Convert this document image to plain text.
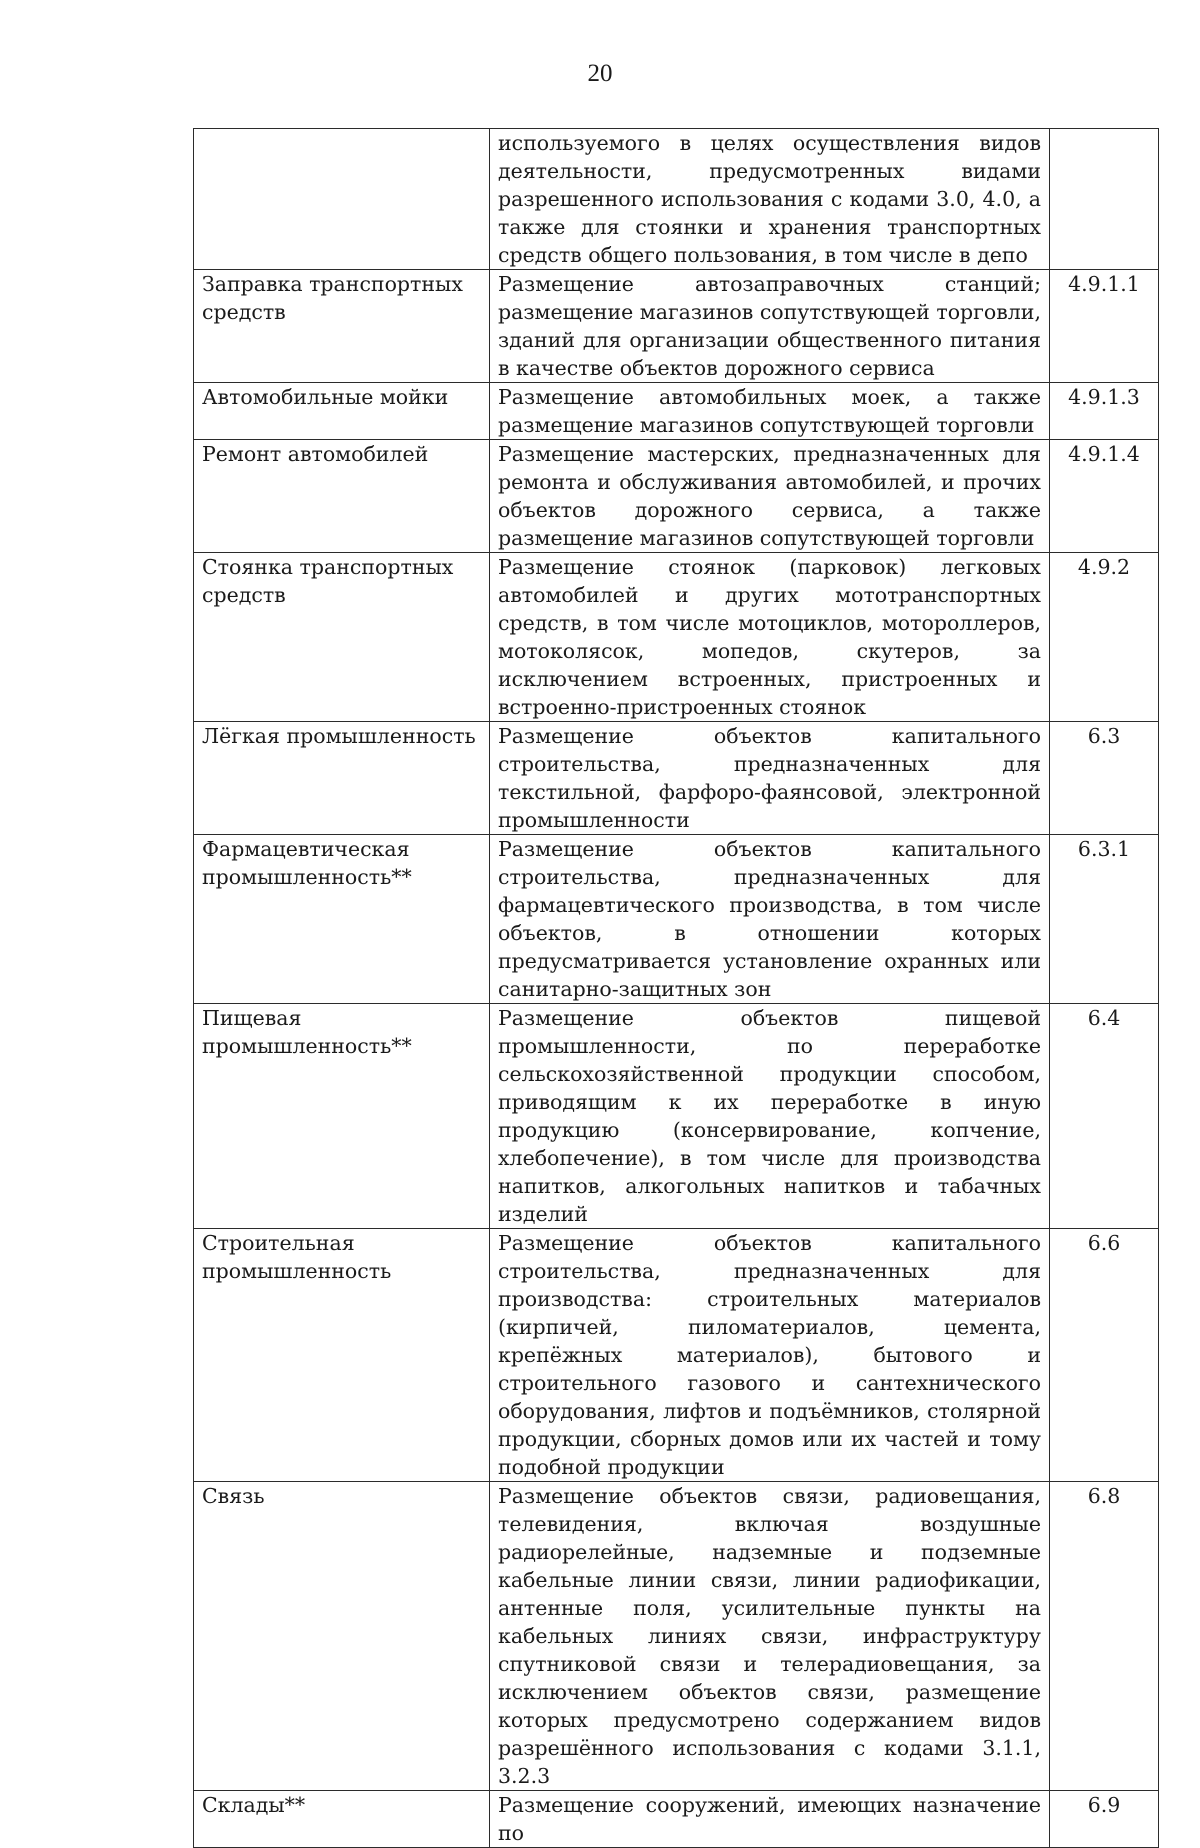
20
	используемого в целях осуществления видов деятельности, предусмотренных видами разрешенного использования с кодами 3.0, 4.0, а также для стоянки и хранения транспортных средств общего пользования, в том числе в депо	
Заправка транспортных средств	Размещение автозаправочных станций; размещение магазинов сопутствующей торговли, зданий для организации общественного питания в качестве объектов дорожного сервиса	4.9.1.1
Автомобильные мойки	Размещение автомобильных моек, а также размещение магазинов сопутствующей торговли	4.9.1.3
Ремонт автомобилей	Размещение мастерских, предназначенных для ремонта и обслуживания автомобилей, и прочих объектов дорожного сервиса, а также размещение магазинов сопутствующей торговли	4.9.1.4
Стоянка транспортных средств	Размещение стоянок (парковок) легковых автомобилей и других мототранспортных средств, в том числе мотоциклов, мотороллеров, мотоколясок, мопедов, скутеров, за исключением встроенных, пристроенных и встроенно-пристроенных стоянок	4.9.2
Лёгкая промышленность	Размещение объектов капитального строительства, предназначенных для текстильной, фарфоро-фаянсовой, электронной промышленности	6.3
Фармацевтическая промышленность**	Размещение объектов капитального строительства, предназначенных для фармацевтического производства, в том числе объектов, в отношении которых предусматривается установление охранных или санитарно-защитных зон	6.3.1
Пищевая промышленность**	Размещение объектов пищевой промышленности, по переработке сельскохозяйственной продукции способом, приводящим к их переработке в иную продукцию (консервирование, копчение, хлебопечение), в том числе для производства напитков, алкогольных напитков и табачных изделий	6.4
Строительная промышленность	Размещение объектов капитального строительства, предназначенных для производства: строительных материалов (кирпичей, пиломатериалов, цемента, крепёжных материалов), бытового и строительного газового и сантехнического оборудования, лифтов и подъёмников, столярной продукции, сборных домов или их частей и тому подобной продукции	6.6
Связь	Размещение объектов связи, радиовещания, телевидения, включая воздушные радиорелейные, надземные и подземные кабельные линии связи, линии радиофикации, антенные поля, усилительные пункты на кабельных линиях связи, инфраструктуру спутниковой связи и телерадиовещания, за исключением объектов связи, размещение которых предусмотрено содержанием видов разрешённого использования с кодами 3.1.1, 3.2.3	6.8
Склады**	Размещение сооружений, имеющих назначение по	6.9
